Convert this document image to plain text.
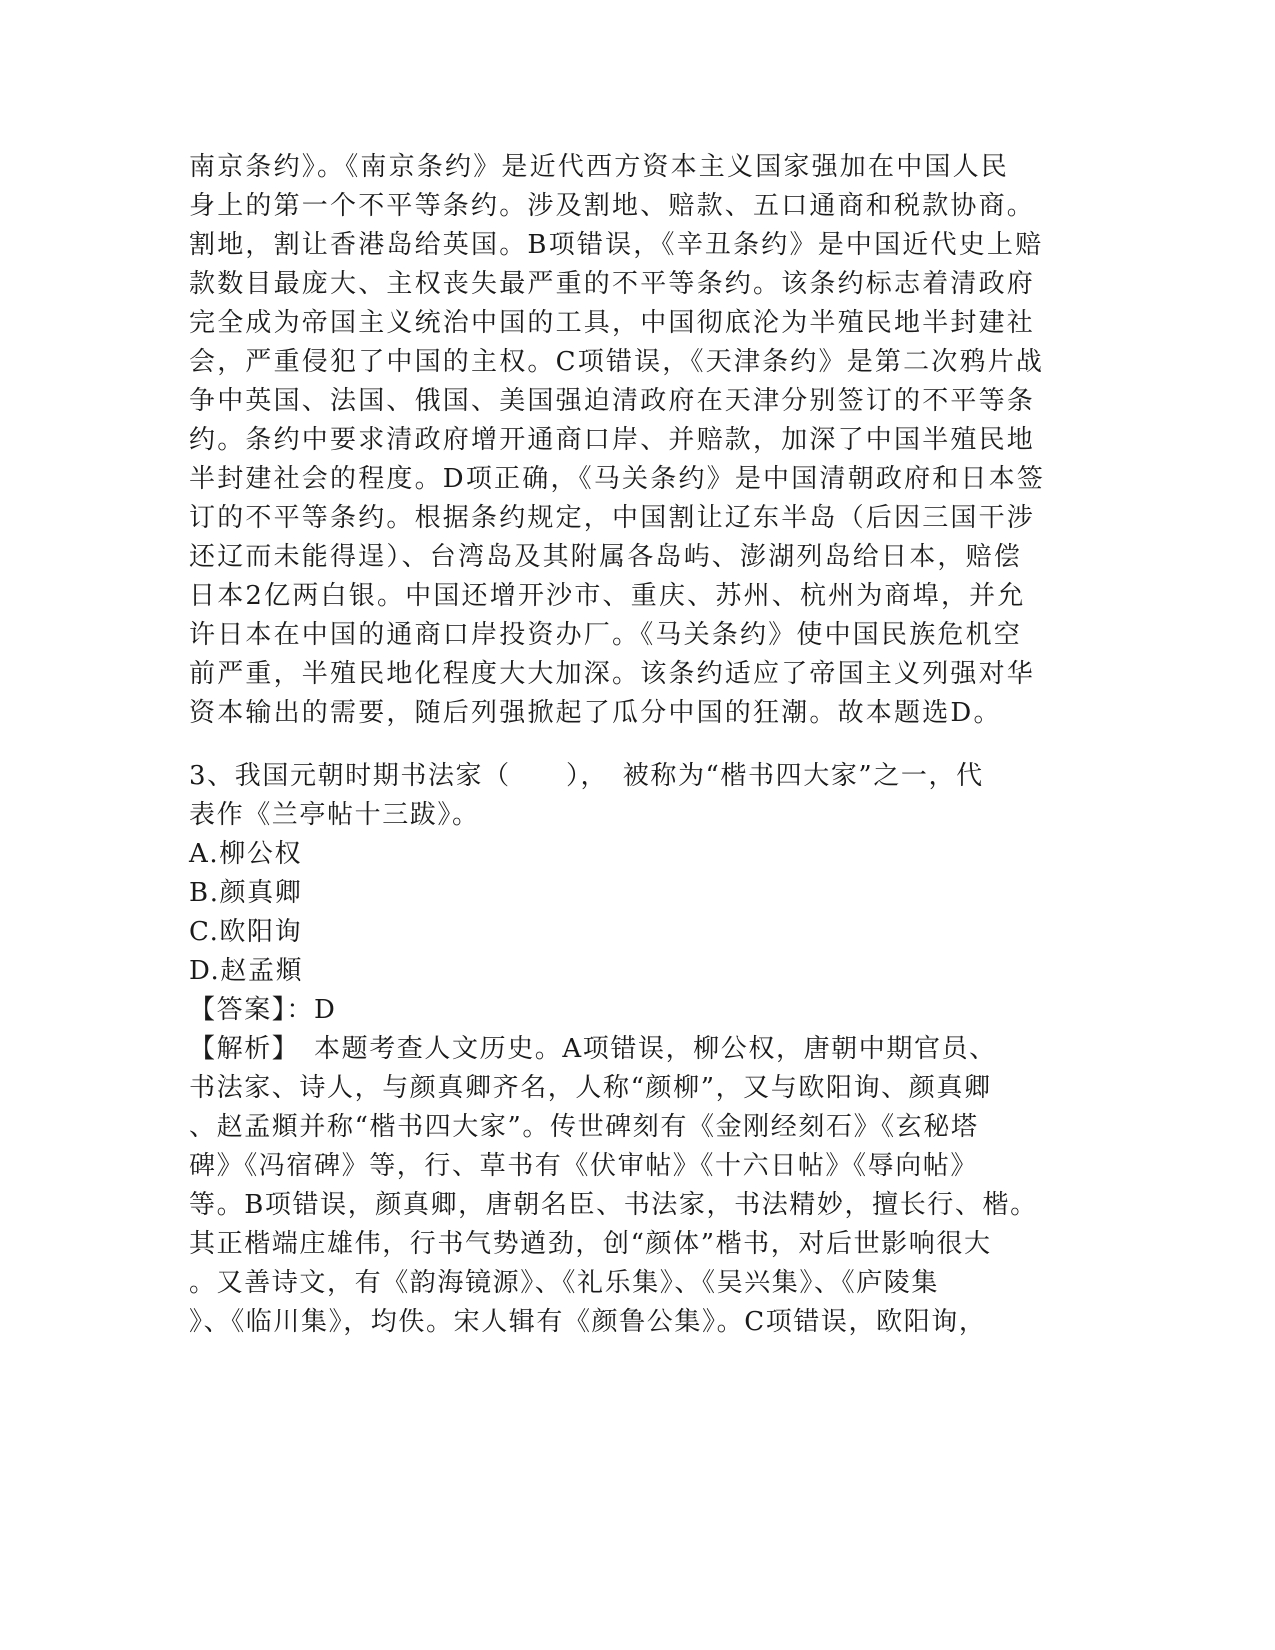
南京条约》。《南京条约》是近代西方资本主义国家强加在中国人民
身上的第一个不平等条约。涉及割地、赔款、五口通商和税款协商。
割地，割让香港岛给英国。B项错误，《辛丑条约》是中国近代史上赔
款数目最庞大、主权丧失最严重的不平等条约。该条约标志着清政府
完全成为帝国主义统治中国的工具，中国彻底沦为半殖民地半封建社
会，严重侵犯了中国的主权。C项错误，《天津条约》是第二次鸦片战
争中英国、法国、俄国、美国强迫清政府在天津分别签订的不平等条
约。条约中要求清政府增开通商口岸、并赔款，加深了中国半殖民地
半封建社会的程度。D项正确，《马关条约》是中国清朝政府和日本签
订的不平等条约。根据条约规定，中国割让辽东半岛（后因三国干涉
还辽而未能得逞）、台湾岛及其附属各岛屿、澎湖列岛给日本，赔偿
日本2亿两白银。中国还增开沙市、重庆、苏州、杭州为商埠，并允
许日本在中国的通商口岸投资办厂。《马关条约》使中国民族危机空
前严重，半殖民地化程度大大加深。该条约适应了帝国主义列强对华
资本输出的需要，随后列强掀起了瓜分中国的狂潮。故本题选D。
3、我国元朝时期书法家（　　），　被称为“楷书四大家”之一，代
表作《兰亭帖十三跋》。
A.柳公权
B.颜真卿
C.欧阳询
D.赵孟頫
【答案】：D
【解析】　本题考查人文历史。A项错误，柳公权，唐朝中期官员、
书法家、诗人，与颜真卿齐名，人称“颜柳”，又与欧阳询、颜真卿
、赵孟頫并称“楷书四大家”。传世碑刻有《金刚经刻石》《玄秘塔
碑》《冯宿碑》等，行、草书有《伏审帖》《十六日帖》《辱向帖》
等。B项错误，颜真卿，唐朝名臣、书法家，书法精妙，擅长行、楷。
其正楷端庄雄伟，行书气势遒劲，创“颜体”楷书，对后世影响很大
。又善诗文，有《韵海镜源》、《礼乐集》、《吴兴集》、《庐陵集
》、《临川集》，均佚。宋人辑有《颜鲁公集》。C项错误，欧阳询，
